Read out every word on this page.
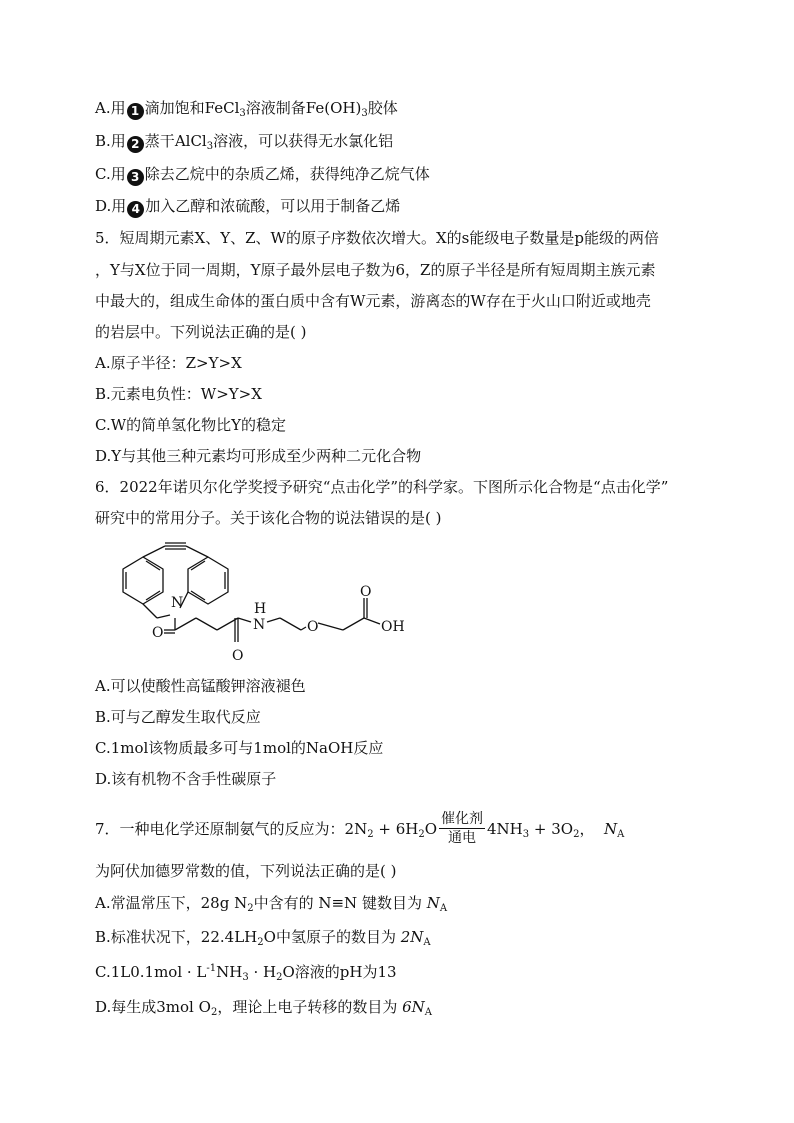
A.用 1 滴加饱和FeCl$_3$溶液制备$Fe(OH)_3$胶体
B.用 2 蒸干AlCl$_3$溶液，可以获得无水氯化铝
C.用 3 除去乙烷中的杂质乙烯，获得纯净乙烷气体
D.用 4 加入乙醇和浓硫酸，可以用于制备乙烯
5．短周期元素X、Y、Z、W的原子序数依次增大。X的s能级电子数量是p能级的两倍
，Y与X位于同一周期，Y原子最外层电子数为6，Z的原子半径是所有短周期主族元素
中最大的，组成生命体的蛋白质中含有W元素，游离态的W存在于火山口附近或地壳
的岩层中。下列说法正确的是( )
A.原子半径：Z>Y>X
B.元素电负性：W>Y>X
C.W的简单氢化物比Y的稳定
D.Y与其他三种元素均可形成至少两种二元化合物
6．2022年诺贝尔化学奖授予研究“点击化学”的科学家。下图所示化合物是“点击化学”
研究中的常用分子。关于该化合物的说法错误的是( )
N
O
O
N
H
O
O
OH
A.可以使酸性高锰酸钾溶液褪色
B.可与乙醇发生取代反应
C.1mol该物质最多可与1mol的NaOH反应
D.该有机物不含手性碳原子
7．一种电化学还原制氨气的反应为：$2N_2 + 6H_2O \frac{\text{催化剂}}{\text{通电}} 4NH_3 + 3O_2$， $N_A$
为阿伏加德罗常数的值，下列说法正确的是( )
A.常温常压下，28g $N_2$中含有的 N≡N 键数目为 $N_A$
B.标准状况下，$22.4LH_2O$中氢原子的数目为 $2N_A$
$C.1L0.1mol \cdot L^{-1}NH_3 \cdot H_2O$溶液的pH为13
D.每生成3mol $O_2$，理论上电子转移的数目为 $6N_A$
